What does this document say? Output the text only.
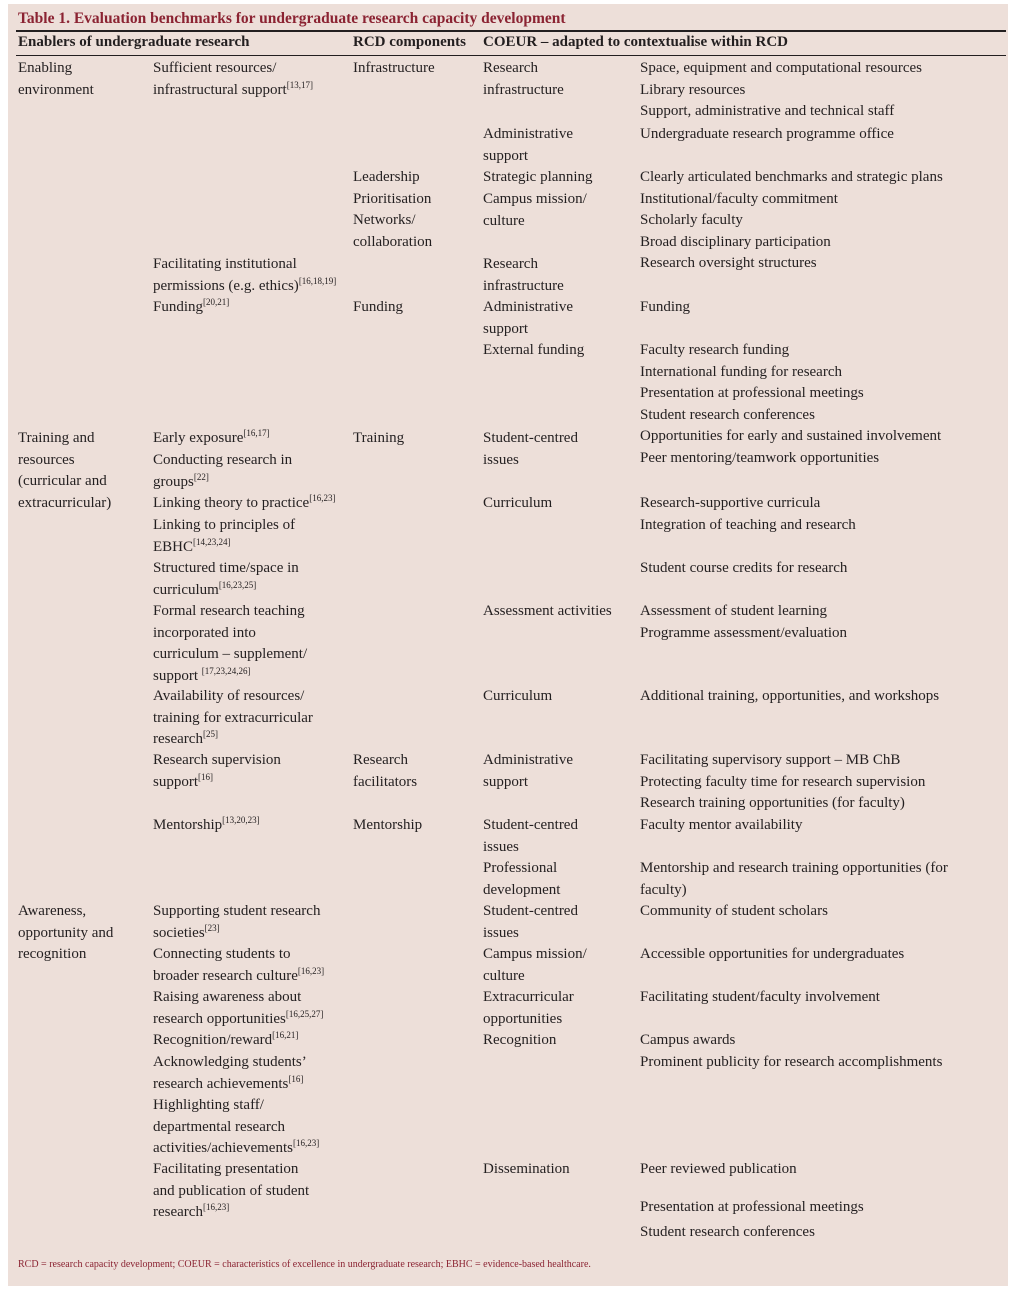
Table 1. Evaluation benchmarks for undergraduate research capacity development
Enablers of undergraduate research	RCD components COEUR – adapted to contextualise within RCD
Enabling
environment
Training and
resources
(curricular and
extracurricular)
Awareness,
opportunity and
recognition
Sufficient resources/
infrastructural support[13,17]
Facilitating institutional
permissions (e.g. ethics)[16,18,19]
Funding[20,21]
Early exposure[16,17]
Conducting research in
groups[22]
Linking theory to practice[16,23]
Linking to principles of
EBHC[14,23,24]
Structured time/space in
curriculum[16,23,25]
Formal research teaching
incorporated into
curriculum – supplement/
support [17,23,24,26]
Availability of resources/
training for extracurricular
research[25]
Research supervision
support[16]
Mentorship[13,20,23]
Supporting student research
societies[23]
Connecting students to
broader research culture[16,23]
Raising awareness about
research opportunities[16,25,27]
Recognition/reward[16,21]
Acknowledging students’
research achievements[16]
Highlighting staff/
departmental research
activities/achievements[16,23]
Facilitating presentation
and publication of student
research[16,23]
Infrastructure
Leadership
Prioritisation
Networks/
collaboration
Funding
Training
Research
facilitators
Mentorship
Research
infrastructure
Administrative
support
Strategic planning
Campus mission/
culture
Research
infrastructure
Administrative
support
External funding
Student-centred
issues
Curriculum
Assessment activities
Curriculum
Administrative
support
Student-centred
issues
Professional
development
Student-centred
issues
Campus mission/
culture
Extracurricular
opportunities
Recognition
Dissemination
Space, equipment and computational resources
Library resources
Support, administrative and technical staff
Undergraduate research programme office
Clearly articulated benchmarks and strategic plans
Institutional/faculty commitment
Scholarly faculty
Broad disciplinary participation
Research oversight structures
Funding
Faculty research funding
International funding for research
Presentation at professional meetings
Student research conferences
Opportunities for early and sustained involvement
Peer mentoring/teamwork opportunities
Research-supportive curricula
Integration of teaching and research
Student course credits for research
Assessment of student learning
Programme assessment/evaluation
Additional training, opportunities, and workshops
Facilitating supervisory support – MB ChB
Protecting faculty time for research supervision
Research training opportunities (for faculty)
Faculty mentor availability
Mentorship and research training opportunities (for
faculty)
Community of student scholars
Accessible opportunities for undergraduates
Facilitating student/faculty involvement
Campus awards
Prominent publicity for research accomplishments
Peer reviewed publication
Presentation at professional meetings
Student research conferences
RCD = research capacity development; COEUR = characteristics of excellence in undergraduate research; EBHC = evidence-based healthcare.
